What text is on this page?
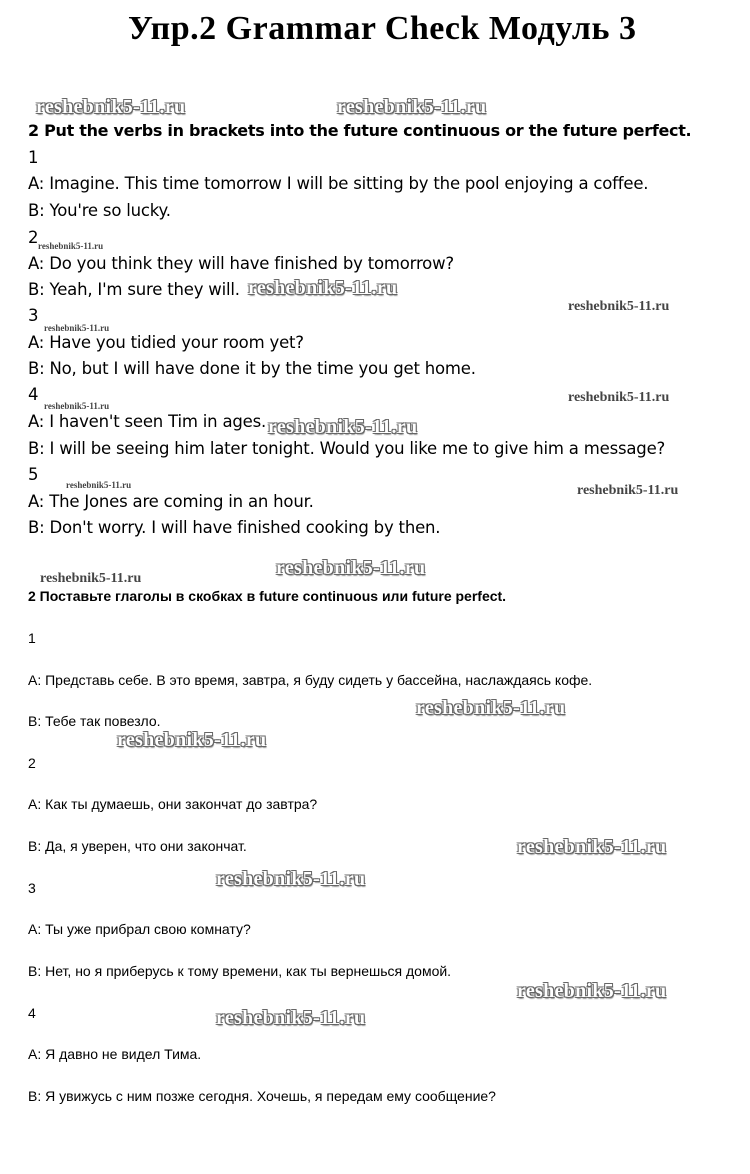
Упр.2 Grammar Check Модуль 3
reshebnik5-11.ru	reshebnik5-11.ru
2 Put the verbs in brackets into the future continuous or the future perfect.
1
A: Imagine. This time tomorrow I will be sitting by the pool enjoying a coffee.
B: You're so lucky.
2 reshebnik5-11.ru
A: Do you think they will have finished by tomorrow?
B: Yeah, I'm sure they will. reshebnik5-11.ru
reshebnik5-11.ru
3
reshebnik5-11.ru
A: Have you tidied your room yet?
B: No, but I will have done it by the time you get home.
4
reshebnik5-11.ru
reshebnik5-11.ru
A: I haven't seen Tim in ages. reshebnik5-11.ru
B: I will be seeing him later tonight. Would you like me to give him a message?
5
reshebnik5-11.ru	reshebnik5-11.ru
A: The Jones are coming in an hour.
B: Don't worry. I will have finished cooking by then.
reshebnik5-11.ru
reshebnik5-11.ru
2 Поставьте глаголы в скобках в future continuous или future perfect.
1
А: Представь себе. В это время, завтра, я буду сидеть у бассейна, наслаждаясь кофе.
reshebnik5-11.ru
В: Тебе так повезло.
reshebnik5-11.ru
2
А: Как ты думаешь, они закончат до завтра?
В: Да, я уверен, что они закончат.	reshebnik5-11.ru
reshebnik5-11.ru
3
А: Ты уже прибрал свою комнату?
В: Нет, но я приберусь к тому времени, как ты вернешься домой.
reshebnik5-11.ru
4	reshebnik5-11.ru
А: Я давно не видел Тима.
В: Я увижусь с ним позже сегодня. Хочешь, я передам ему сообщение?
